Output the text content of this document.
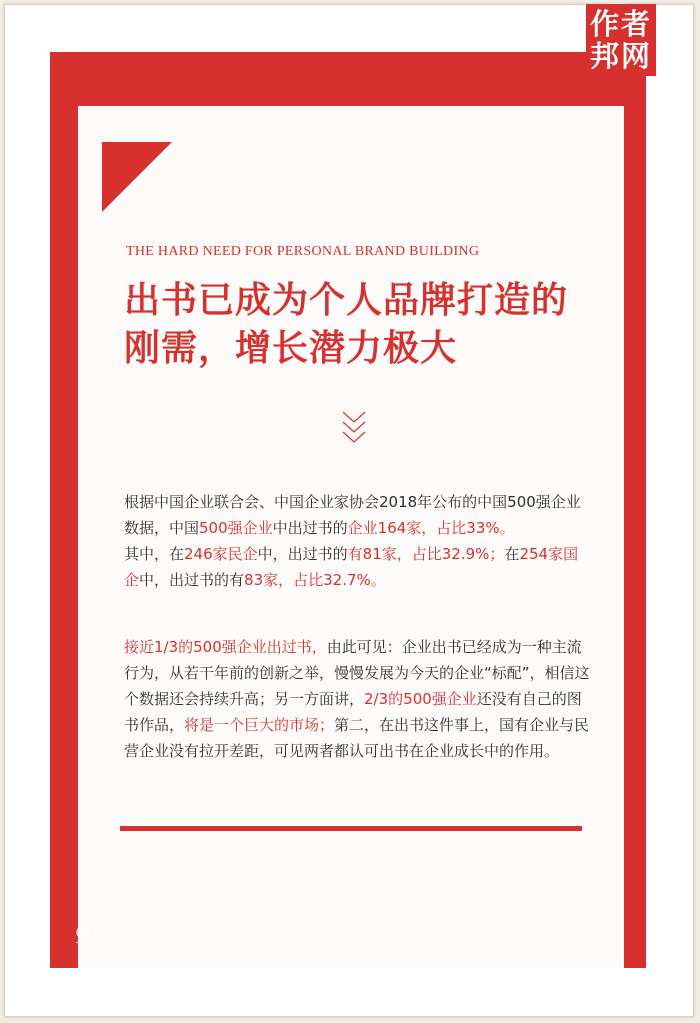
作者
邦网
THE HARD NEED FOR PERSONAL BRAND BUILDING
出书已成为个人品牌打造的刚需，增长潜力极大

根据中国企业联合会、中国企业家协会2018年公布的中国500强企业数据，中国500强企业中出过书的企业164家，占比33%。
其中，在246家民企中，出过书的有81家，占比32.9%；在254家国企中，出过书的有83家，占比32.7%。

接近1/3的500强企业出过书，由此可见：企业出书已经成为一种主流行为，从若干年前的创新之举，慢慢发展为今天的企业“标配”，相信这个数据还会持续升高；另一方面讲，2/3的500强企业还没有自己的图书作品，将是一个巨大的市场；第二，在出书这件事上，国有企业与民营企业没有拉开差距，可见两者都认可出书在企业成长中的作用。

03
